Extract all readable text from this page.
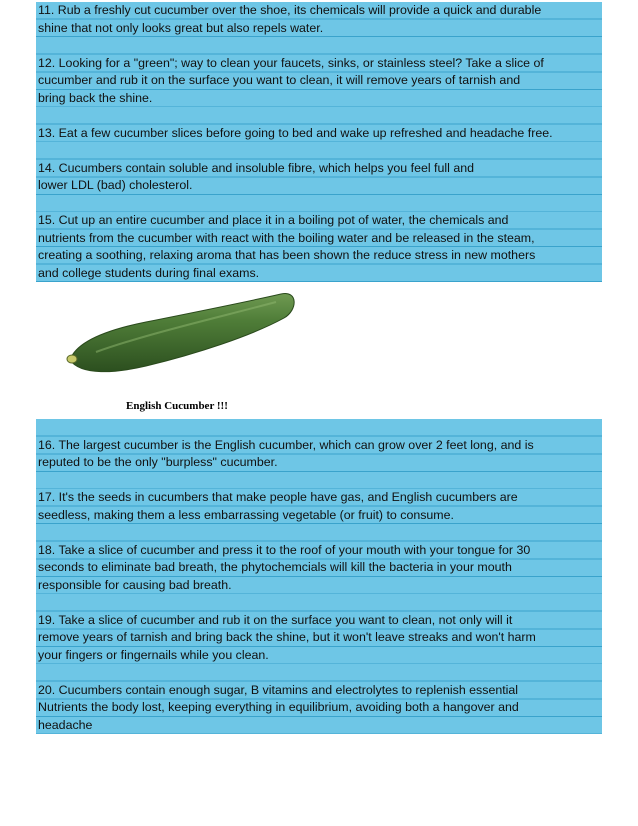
11. Rub a freshly cut cucumber over the shoe, its chemicals will provide a quick and durable
shine that not only looks great but also repels water.

12. Looking for a "green"; way to clean your faucets, sinks, or stainless steel? Take a slice of
cucumber and rub it on the surface you want to clean, it will remove years of tarnish and
bring back the shine.

13. Eat a few cucumber slices before going to bed and wake up refreshed and headache free.

14. Cucumbers contain soluble and insoluble fibre, which helps you feel full and
lower LDL (bad) cholesterol.

15. Cut up an entire cucumber and place it in a boiling pot of water, the chemicals and
nutrients from the cucumber with react with the boiling water and be released in the steam,
creating a soothing, relaxing aroma that has been shown the reduce stress in new mothers
and college students during final exams.

English Cucumber !!!

16. The largest cucumber is the English cucumber, which can grow over 2 feet long, and is
reputed to be the only "burpless" cucumber.

17. It's the seeds in cucumbers that make people have gas, and English cucumbers are
seedless, making them a less embarrassing vegetable (or fruit) to consume.

18. Take a slice of cucumber and press it to the roof of your mouth with your tongue for 30
seconds to eliminate bad breath, the phytochemcials will kill the bacteria in your mouth
responsible for causing bad breath.

19. Take a slice of cucumber and rub it on the surface you want to clean, not only will it
remove years of tarnish and bring back the shine, but it won't leave streaks and won't harm
your fingers or fingernails while you clean.

20. Cucumbers contain enough sugar, B vitamins and electrolytes to replenish essential
Nutrients the body lost, keeping everything in equilibrium, avoiding both a hangover and
headache
